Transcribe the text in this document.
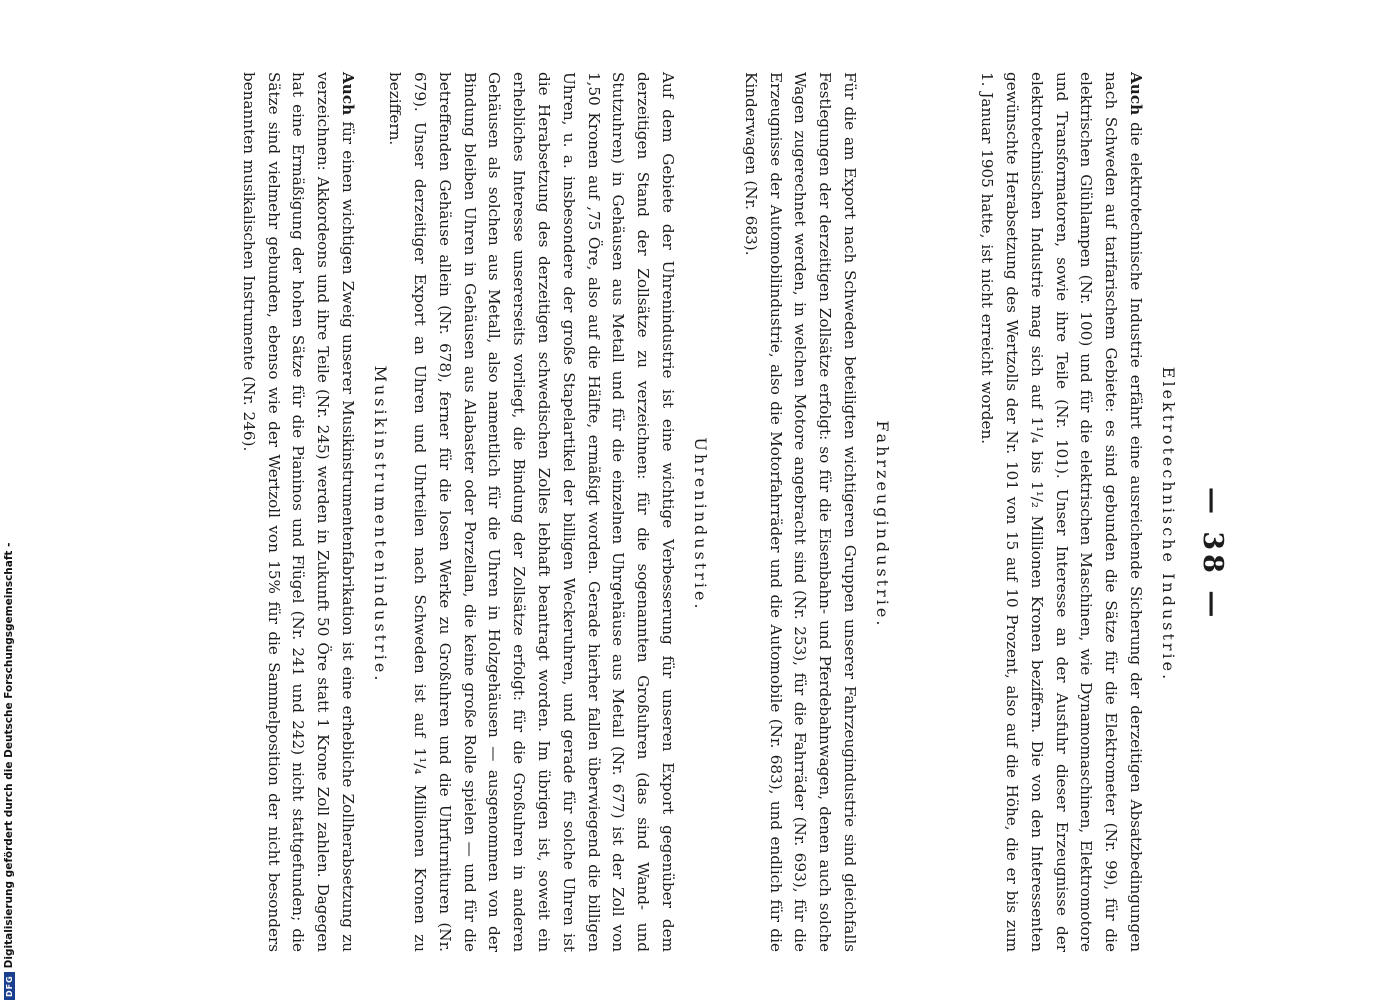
— 38 —
Elektrotechnische Industrie.
Auch die elektrotechnische Industrie erfährt eine ausreichende Sicherung der derzeitigen Absatzbedingungen nach Schweden auf tarifarischem Gebiete: es sind gebunden die Sätze für die Elektrometer (Nr. 99), für die elektrischen Glühlampen (Nr. 100) und für die elektrischen Maschinen, wie Dynamomaschinen, Elektromotore und Transformatoren, sowie ihre Teile (Nr. 101). Unser Interesse an der Ausfuhr dieser Erzeugnisse der elektrotechnischen Industrie mag sich auf 1¹/₄ bis 1¹/₂ Millionen Kronen beziffern. Die von den Interessenten gewünschte Herabsetzung des Wertzolls der Nr. 101 von 15 auf 10 Prozent, also auf die Höhe, die er bis zum 1. Januar 1905 hatte, ist nicht erreicht worden.
Fahrzeugindustrie.
Für die am Export nach Schweden beteiligten wichtigeren Gruppen unserer Fahrzeugindustrie sind gleichfalls Festlegungen der derzeitigen Zollsätze erfolgt: so für die Eisenbahn- und Pferdebahnwagen, denen auch solche Wagen zugerechnet werden, in welchen Motore angebracht sind (Nr. 253), für die Fahrräder (Nr. 693), für die Erzeugnisse der Automobilindustrie, also die Motorfahrräder und die Automobile (Nr. 683), und endlich für die Kinderwagen (Nr. 683).
Uhrenindustrie.
Auf dem Gebiete der Uhrenindustrie ist eine wichtige Verbesserung für unseren Export gegenüber dem derzeitigen Stand der Zollsätze zu verzeichnen: für die sogenannten Großuhren (das sind Wand- und Stutzuhren) in Gehäusen aus Metall und für die einzelnen Uhrgehäuse aus Metall (Nr. 677) ist der Zoll von 1,50 Kronen auf ,75 Öre, also auf die Hälfte, ermäßigt worden. Gerade hierher fallen überwiegend die billigen Uhren, u. a. insbesondere der große Stapelartikel der billigen Weckeruhren, und gerade für solche Uhren ist die Herabsetzung des derzeitigen schwedischen Zolles lebhaft beantragt worden. Im übrigen ist, soweit ein erhebliches Interesse unsererseits vorliegt, die Bindung der Zollsätze erfolgt: für die Großuhren in anderen Gehäusen als solchen aus Metall, also namentlich für die Uhren in Holzgehäusen — ausgenommen von der Bindung bleiben Uhren in Gehäusen aus Alabaster oder Porzellan, die keine große Rolle spielen — und für die betreffenden Gehäuse allein (Nr. 678), ferner für die losen Werke zu Großuhren und die Uhrfurnituren (Nr. 679). Unser derzeitiger Export an Uhren und Uhrteilen nach Schweden ist auf 1¹/₄ Millionen Kronen zu beziffern.
Musikinstrumentenindustrie.
Auch für einen wichtigen Zweig unserer Musikinstrumentenfabrikation ist eine erhebliche Zollherabsetzung zu verzeichnen: Akkordeons und ihre Teile (Nr. 245) werden in Zukunft 50 Öre statt 1 Krone Zoll zahlen. Dagegen hat eine Ermäßigung der hohen Sätze für die Pianinos und Flügel (Nr. 241 und 242) nicht stattgefunden; die Sätze sind vielmehr gebunden, ebenso wie der Wertzoll von 15% für die Sammelposition der nicht besonders benannten musikalischen Instrumente (Nr. 246).
DFGDigitalisierung gefördert durch die Deutsche Forschungsgemeinschaft -
